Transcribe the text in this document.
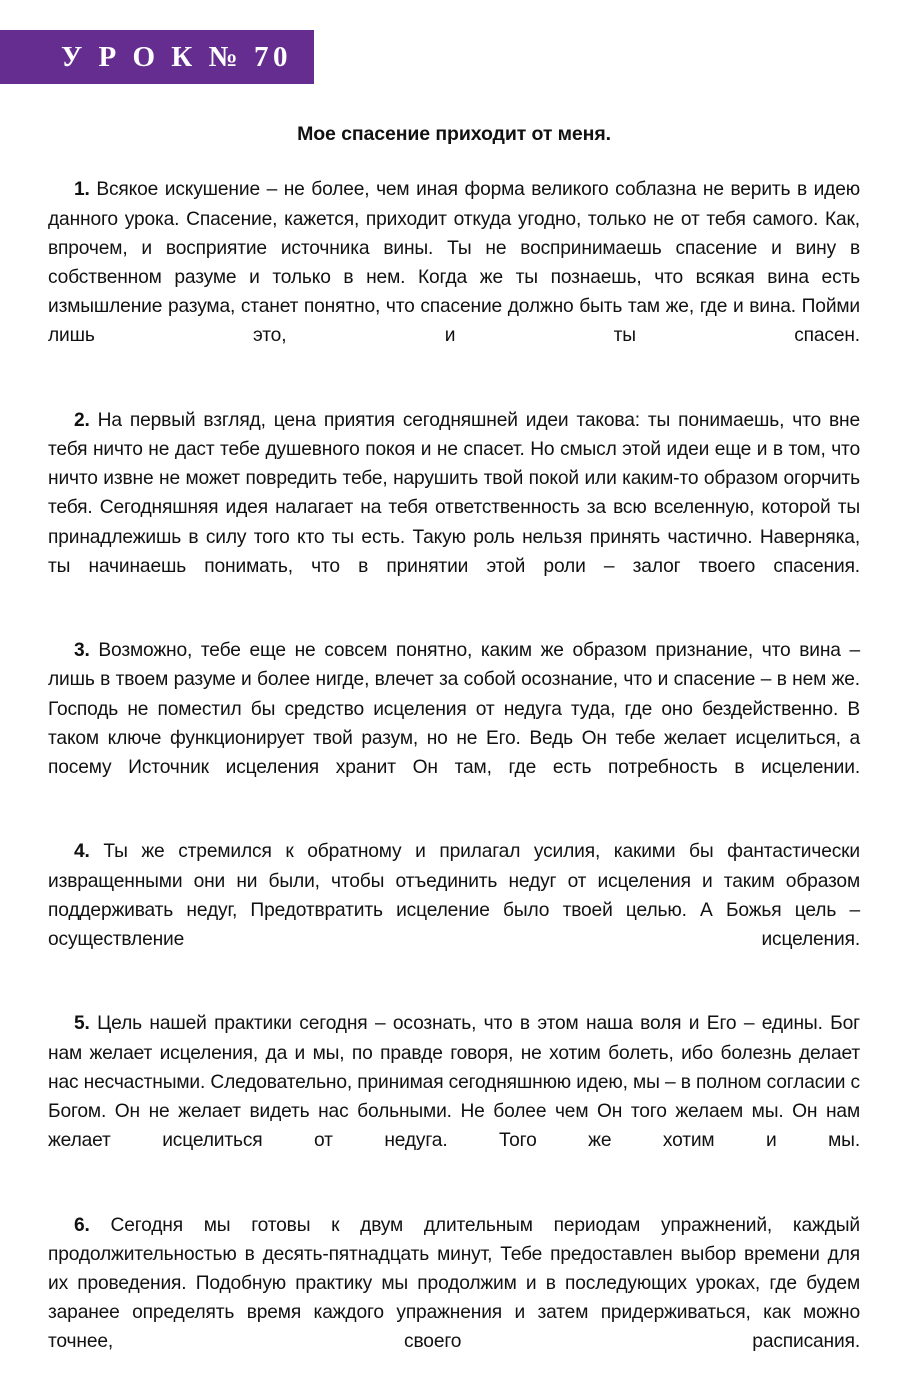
У Р О К № 70
Мое спасение приходит от меня.

1. Всякое искушение – не более, чем иная форма великого соблазна не верить в идею данного урока. Спасение, кажется, приходит откуда угодно, только не от тебя самого. Как, впрочем, и восприятие источника вины. Ты не воспринимаешь спасение и вину в собственном разуме и только в нем. Когда же ты познаешь, что всякая вина есть измышление разума, станет понятно, что спасение должно быть там же, где и вина. Пойми лишь это, и ты спасен.

2. На первый взгляд, цена приятия сегодняшней идеи такова: ты понимаешь, что вне тебя ничто не даст тебе душевного покоя и не спасет. Но смысл этой идеи еще и в том, что ничто извне не может повредить тебе, нарушить твой покой или каким-то образом огорчить тебя. Сегодняшняя идея налагает на тебя ответственность за всю вселенную, которой ты принадлежишь в силу того кто ты есть. Такую роль нельзя принять частично. Наверняка, ты начинаешь понимать, что в принятии этой роли – залог твоего спасения.

3. Возможно, тебе еще не совсем понятно, каким же образом признание, что вина – лишь в твоем разуме и более нигде, влечет за собой осознание, что и спасение – в нем же. Господь не поместил бы средство исцеления от недуга туда, где оно бездейственно. В таком ключе функционирует твой разум, но не Его. Ведь Он тебе желает исцелиться, а посему Источник исцеления хранит Он там, где есть потребность в исцелении.

4. Ты же стремился к обратному и прилагал усилия, какими бы фантастически извращенными они ни были, чтобы отъединить недуг от исцеления и таким образом поддерживать недуг, Предотвратить исцеление было твоей целью. А Божья цель – осуществление исцеления.

5. Цель нашей практики сегодня – осознать, что в этом наша воля и Его – едины. Бог нам желает исцеления, да и мы, по правде говоря, не хотим болеть, ибо болезнь делает нас несчастными. Следовательно, принимая сегодняшнюю идею, мы – в полном согласии с Богом. Он не желает видеть нас больными. Не более чем Он того желаем мы. Он нам желает исцелиться от недуга. Того же хотим и мы.

6. Сегодня мы готовы к двум длительным периодам упражнений, каждый продолжительностью в десять-пятнадцать минут, Тебе предоставлен выбор времени для их проведения. Подобную практику мы продолжим и в последующих уроках, где будем заранее определять время каждого упражнения и затем придерживаться, как можно точнее, своего расписания.
